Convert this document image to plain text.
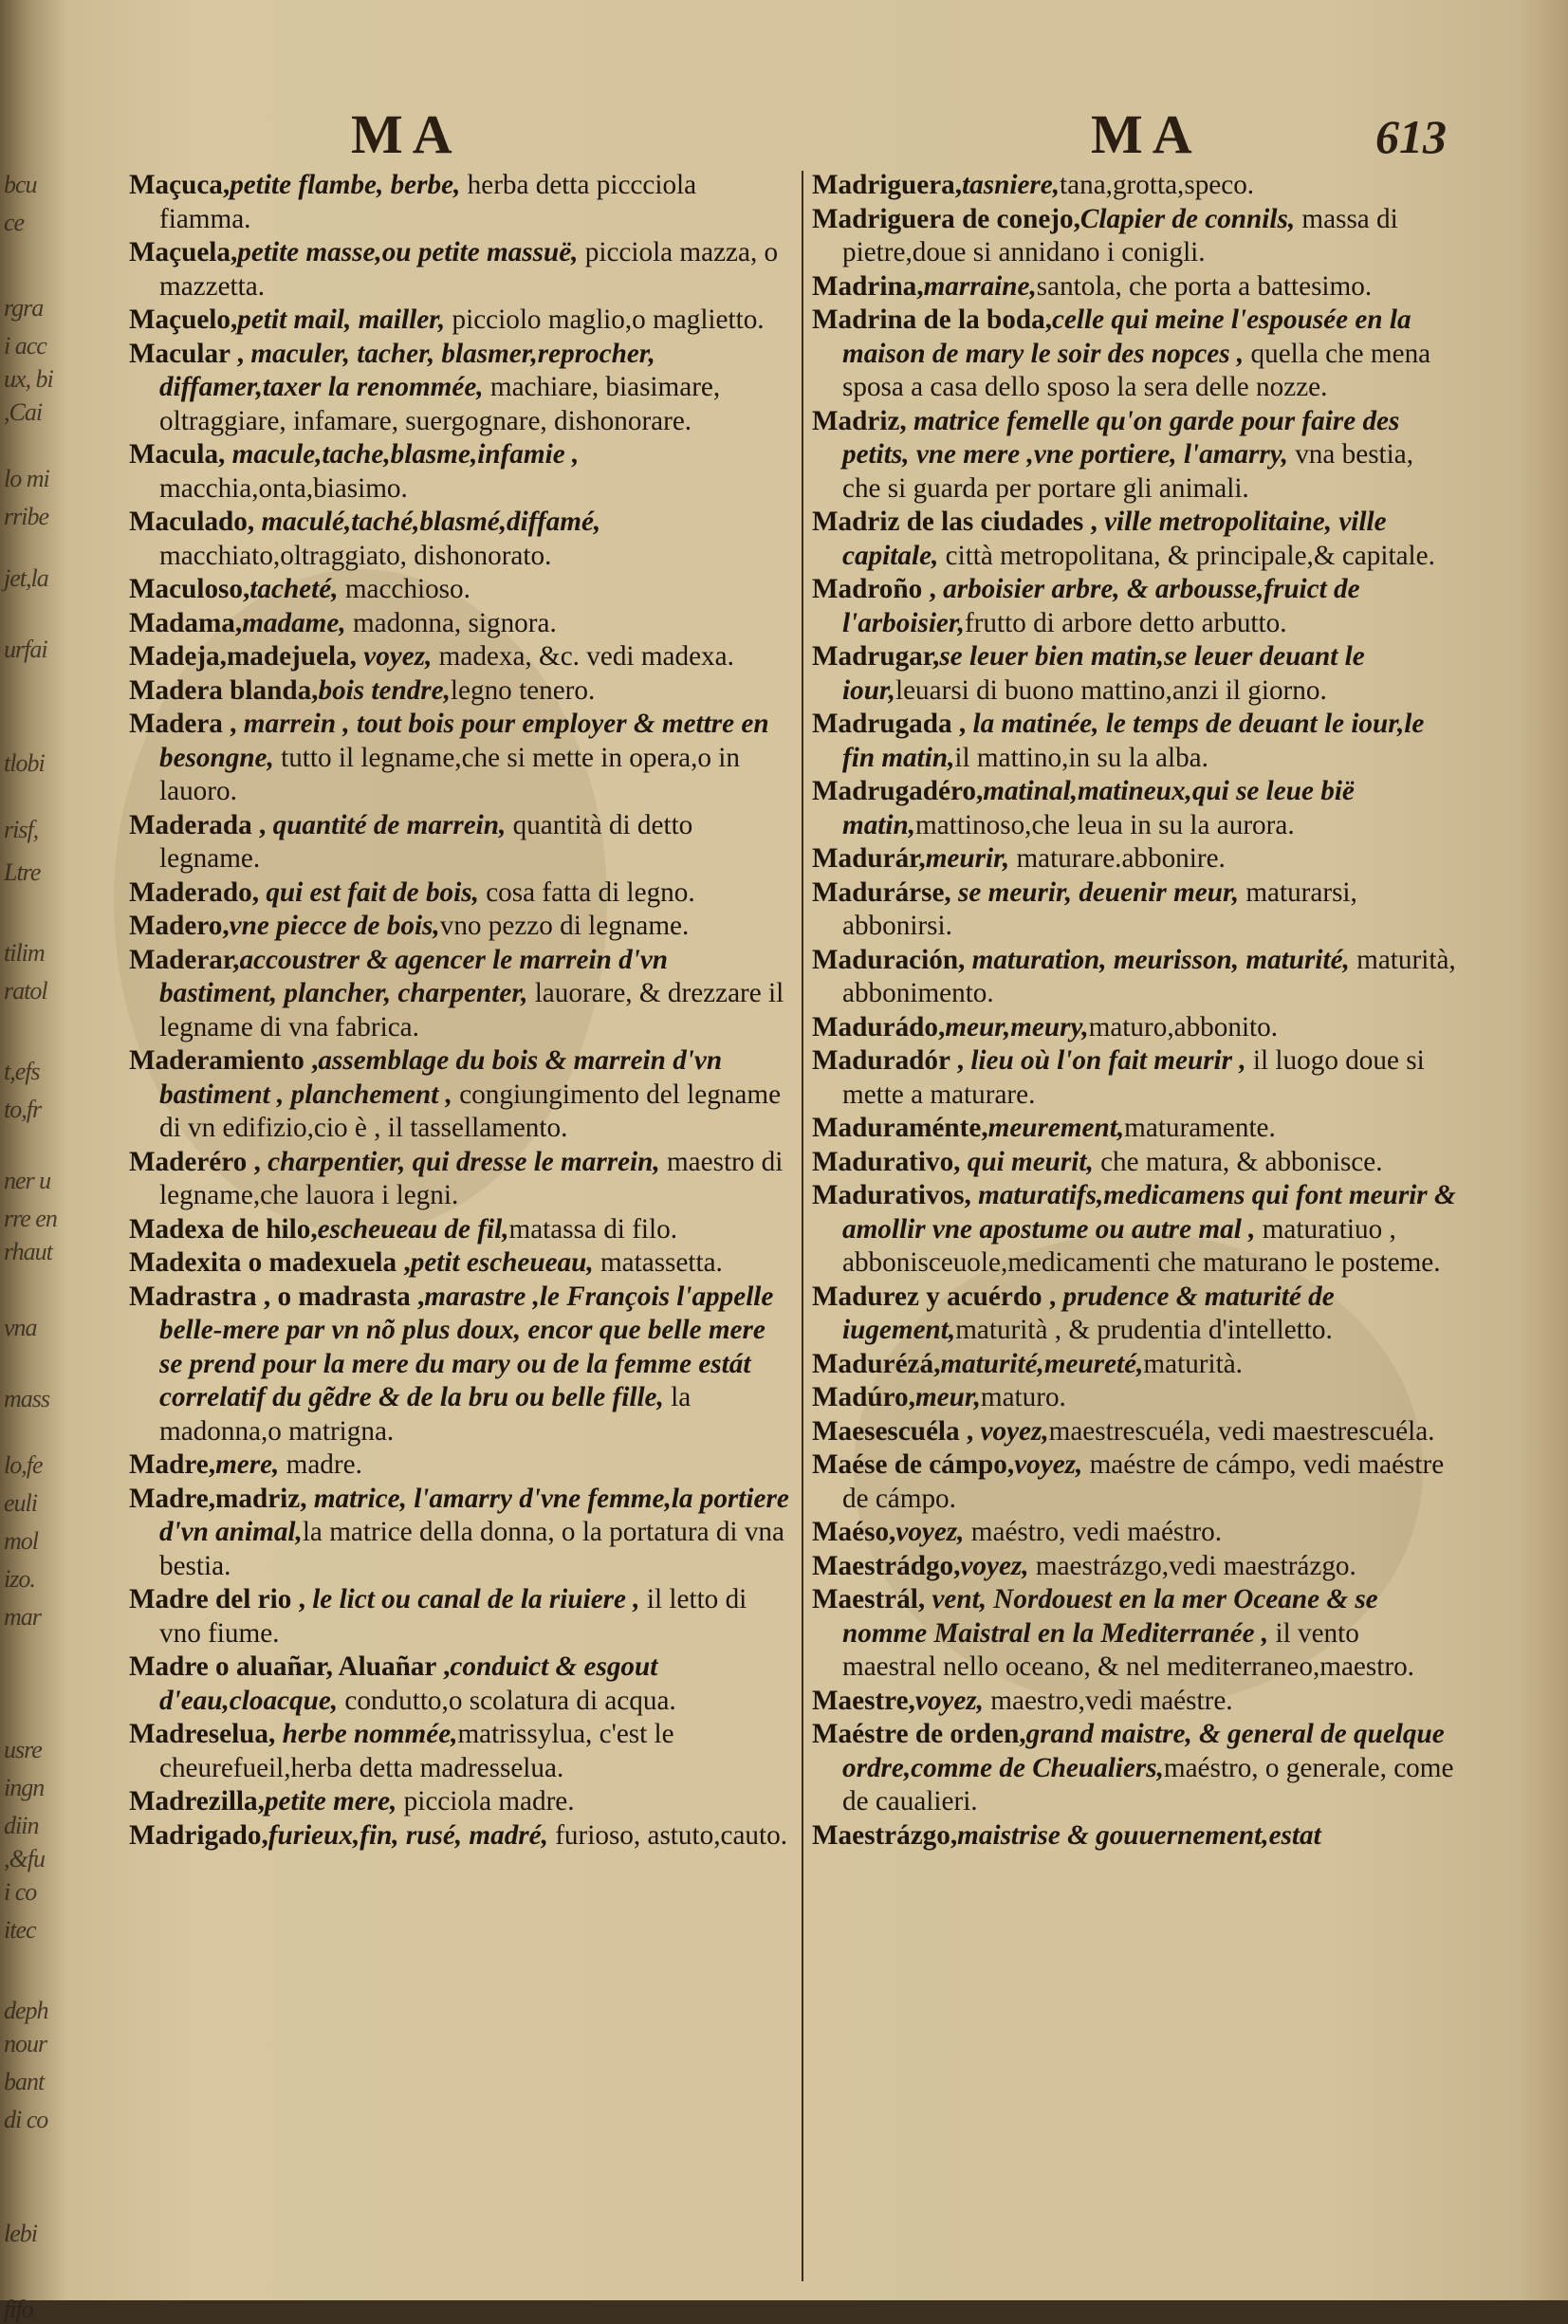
bcu
ce
rgra
i acc
ux, bi
,Cai
lo mi
rribe
jet,la
urfai
tlobi
risf,
Ltre
tilim
ratol
t,efs
to,fr
ner u
rre en
rhaut
vna
mass
lo,fe
euli
mol
izo.
mar
usre
ingn
diin
,&fu
i co
itec
deph
nour
bant
di co
lebi
fifo
MA	MA	613

Maçuca,petite flambe, berbe, herba detta piccciola fiamma.

Maçuela,petite masse,ou petite massuë, picciola mazza, o mazzetta.

Maçuelo,petit mail, mailler, picciolo maglio,o maglietto.

Macular , maculer, tacher, blasmer,reprocher, diffamer,taxer la renommée, machiare, biasimare, oltraggiare, infamare, suergognare, dishonorare.

Macula, macule,tache,blasme,infamie , macchia,onta,biasimo.

Maculado, maculé,taché,blasmé,diffamé, macchiato,oltraggiato, dishonorato.

Maculoso,tacheté, macchioso.

Madama,madame, madonna, signora.

Madeja,madejuela, voyez, madexa, &c. vedi madexa.

Madera blanda,bois tendre,legno tenero.

Madera , marrein , tout bois pour employer & mettre en besongne, tutto il legname,che si mette in opera,o in lauoro.

Maderada , quantité de marrein, quantità di detto legname.

Maderado, qui est fait de bois, cosa fatta di legno.

Madero,vne piecce de bois,vno pezzo di legname.

Maderar,accoustrer & agencer le marrein d'vn bastiment, plancher, charpenter, lauorare, & drezzare il legname di vna fabrica.

Maderamiento ,assemblage du bois & marrein d'vn bastiment , planchement , congiungimento del legname di vn edifizio,cio è , il tassellamento.

Maderéro , charpentier, qui dresse le marrein, maestro di legname,che lauora i legni.

Madexa de hilo,escheueau de fil,matassa di filo.

Madexita o madexuela ,petit escheueau, matassetta.

Madrastra , o madrasta ,marastre ,le François l'appelle belle-mere par vn nõ plus doux, encor que belle mere se prend pour la mere du mary ou de la femme estát correlatif du gẽdre & de la bru ou belle fille, la madonna,o matrigna.

Madre,mere, madre.

Madre,madriz, matrice, l'amarry d'vne femme,la portiere d'vn animal,la matrice della donna, o la portatura di vna bestia.

Madre del rio , le lict ou canal de la riuiere , il letto di vno fiume.

Madre o aluañar, Aluañar ,conduict & esgout d'eau,cloacque, condutto,o scolatura di acqua.

Madreselua, herbe nommée,matrissylua, c'est le cheurefueil,herba detta madresselua.

Madrezilla,petite mere, picciola madre.

Madrigado,furieux,fin, rusé, madré, furioso, astuto,cauto.

Madriguera,tasniere,tana,grotta,speco.

Madriguera de conejo,Clapier de connils, massa di pietre,doue si annidano i conigli.

Madrina,marraine,santola, che porta a battesimo.

Madrina de la boda,celle qui meine l'espousée en la maison de mary le soir des nopces , quella che mena sposa a casa dello sposo la sera delle nozze.

Madriz, matrice femelle qu'on garde pour faire des petits, vne mere ,vne portiere, l'amarry, vna bestia, che si guarda per portare gli animali.

Madriz de las ciudades , ville metropolitaine, ville capitale, città metropolitana, & principale,& capitale.

Madroño , arboisier arbre, & arbousse,fruict de l'arboisier,frutto di arbore detto arbutto.

Madrugar,se leuer bien matin,se leuer deuant le iour,leuarsi di buono mattino,anzi il giorno.

Madrugada , la matinée, le temps de deuant le iour,le fin matin,il mattino,in su la alba.

Madrugadéro,matinal,matineux,qui se leue bië matin,mattinoso,che leua in su la aurora.

Madurár,meurir, maturare.abbonire.

Madurárse, se meurir, deuenir meur, maturarsi, abbonirsi.

Maduración, maturation, meurisson, maturité, maturità, abbonimento.

Madurádo,meur,meury,maturo,abbonito.

Maduradór , lieu où l'on fait meurir , il luogo doue si mette a maturare.

Maduraménte,meurement,maturamente.

Madurativo, qui meurit, che matura, & abbonisce.

Madurativos, maturatifs,medicamens qui font meurir & amollir vne apostume ou autre mal , maturatiuo , abbonisceuole,medicamenti che maturano le posteme.

Madurez y acuérdo , prudence & maturité de iugement,maturità , & prudentia d'intelletto.

Madurézá,maturité,meureté,maturità.

Madúro,meur,maturo.

Maesescuéla , voyez,maestrescuéla, vedi maestrescuéla.

Maése de cámpo,voyez, maéstre de cámpo, vedi maéstre de cámpo.

Maéso,voyez, maéstro, vedi maéstro.

Maestrádgo,voyez, maestrázgo,vedi maestrázgo.

Maestrál, vent, Nordouest en la mer Oceane & se nomme Maistral en la Mediterranée , il vento maestral nello oceano, & nel mediterraneo,maestro.

Maestre,voyez, maestro,vedi maéstre.

Maéstre de orden,grand maistre, & general de quelque ordre,comme de Cheualiers,maéstro, o generale, come de caualieri.

Maestrázgo,maistrise & gouuernement,estat
